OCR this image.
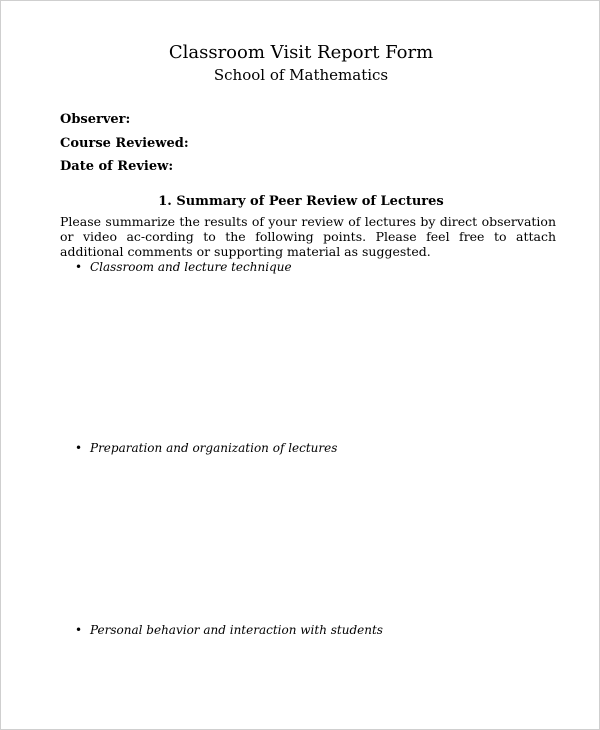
Classroom Visit Report Form
School of Mathematics
Observer:
Course Reviewed:
Date of Review:
1. Summary of Peer Review of Lectures
Please summarize the results of your review of lectures by direct observation or video ac-cording to the following points. Please feel free to attach additional comments or supporting material as suggested.
• Classroom and lecture technique
• Preparation and organization of lectures
• Personal behavior and interaction with students
